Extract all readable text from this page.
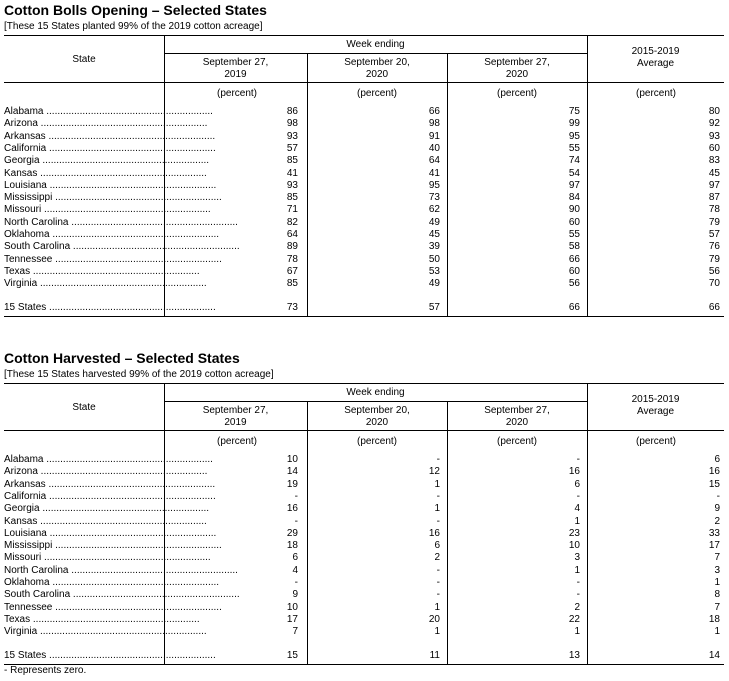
Cotton Bolls Opening – Selected States
[These 15 States planted 99% of the 2019 cotton acreage]
State
Week ending
September 27,
2019
September 20,
2020
September 27,
2020
2015-2019
Average
(percent)	(percent)	(percent)	(percent)
Alabama ............................................................	86	66	75	80
Arizona ............................................................	98	98	99	92
Arkansas ............................................................	93	91	95	93
California ............................................................	57	40	55	60
Georgia ............................................................	85	64	74	83
Kansas ............................................................	41	41	54	45
Louisiana ............................................................	93	95	97	97
Mississippi ............................................................	85	73	84	87
Missouri ............................................................	71	62	90	78
North Carolina ............................................................	82	49	60	79
Oklahoma ............................................................	64	45	55	57
South Carolina ............................................................	89	39	58	76
Tennessee ............................................................	78	50	66	79
Texas ............................................................	67	53	60	56
Virginia ............................................................	85	49	56	70
15 States ............................................................	73	57	66	66
Cotton Harvested – Selected States
[These 15 States harvested 99% of the 2019 cotton acreage]
State
Week ending
September 27,
2019
September 20,
2020
September 27,
2020
2015-2019
Average
(percent)	(percent)	(percent)	(percent)
Alabama ............................................................	10	-	-	6
Arizona ............................................................	14	12	16	16
Arkansas ............................................................	19	1	6	15
California ............................................................	-	-	-	-
Georgia ............................................................	16	1	4	9
Kansas ............................................................	-	-	1	2
Louisiana ............................................................	29	16	23	33
Mississippi ............................................................	18	6	10	17
Missouri ............................................................	6	2	3	7
North Carolina ............................................................	4	-	1	3
Oklahoma ............................................................	-	-	-	1
South Carolina ............................................................	9	-	-	8
Tennessee ............................................................	10	1	2	7
Texas ............................................................	17	20	22	18
Virginia ............................................................	7	1	1	1
15 States ............................................................	15	11	13	14
- Represents zero.
